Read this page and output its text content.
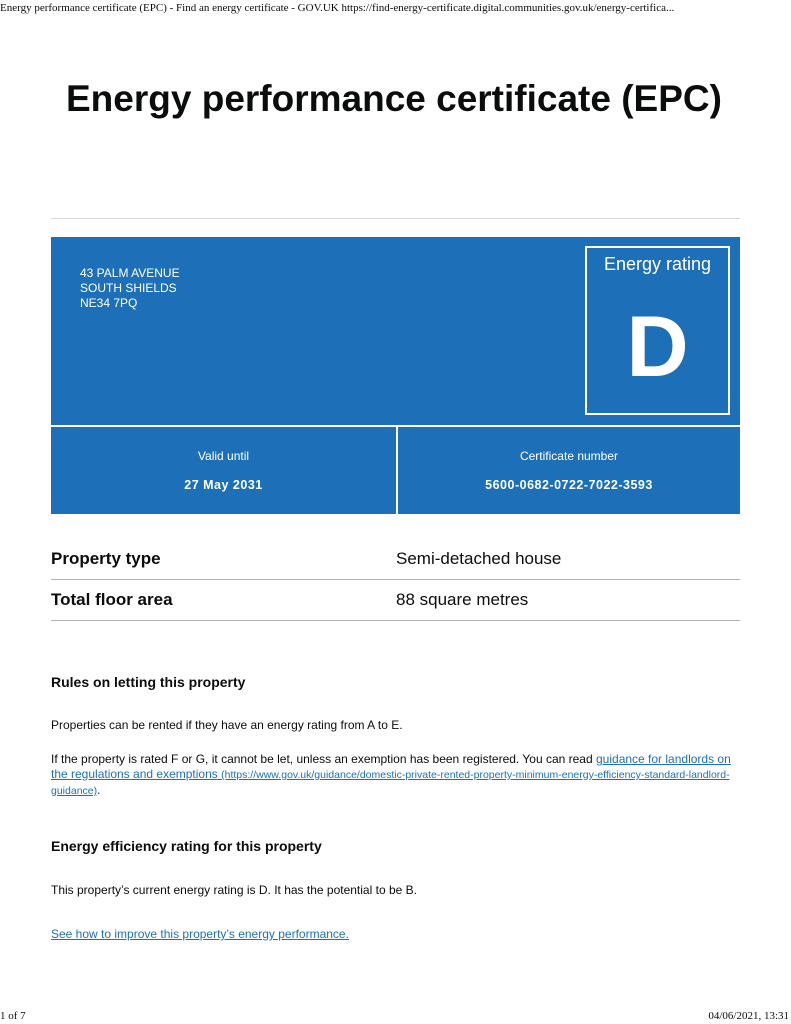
Energy performance certificate (EPC) - Find an energy certificate - GOV.UK https://find-energy-certificate.digital.communities.gov.uk/energy-certifica...
Energy performance certificate (EPC)
43 PALM AVENUE
SOUTH SHIELDS
NE34 7PQ
Energy rating
D
Valid until
27 May 2031
Certificate number
5600-0682-0722-7022-3593
Property type	Semi-detached house
Total floor area	88 square metres
Rules on letting this property

Properties can be rented if they have an energy rating from A to E.

If the property is rated F or G, it cannot be let, unless an exemption has been registered. You can read guidance for landlords on the regulations and exemptions (https://www.gov.uk/guidance/domestic-private-rented-property-minimum-energy-efficiency-standard-landlord-guidance).

Energy efficiency rating for this property

This property’s current energy rating is D. It has the potential to be B.

See how to improve this property’s energy performance.

1 of 7	04/06/2021, 13:31
